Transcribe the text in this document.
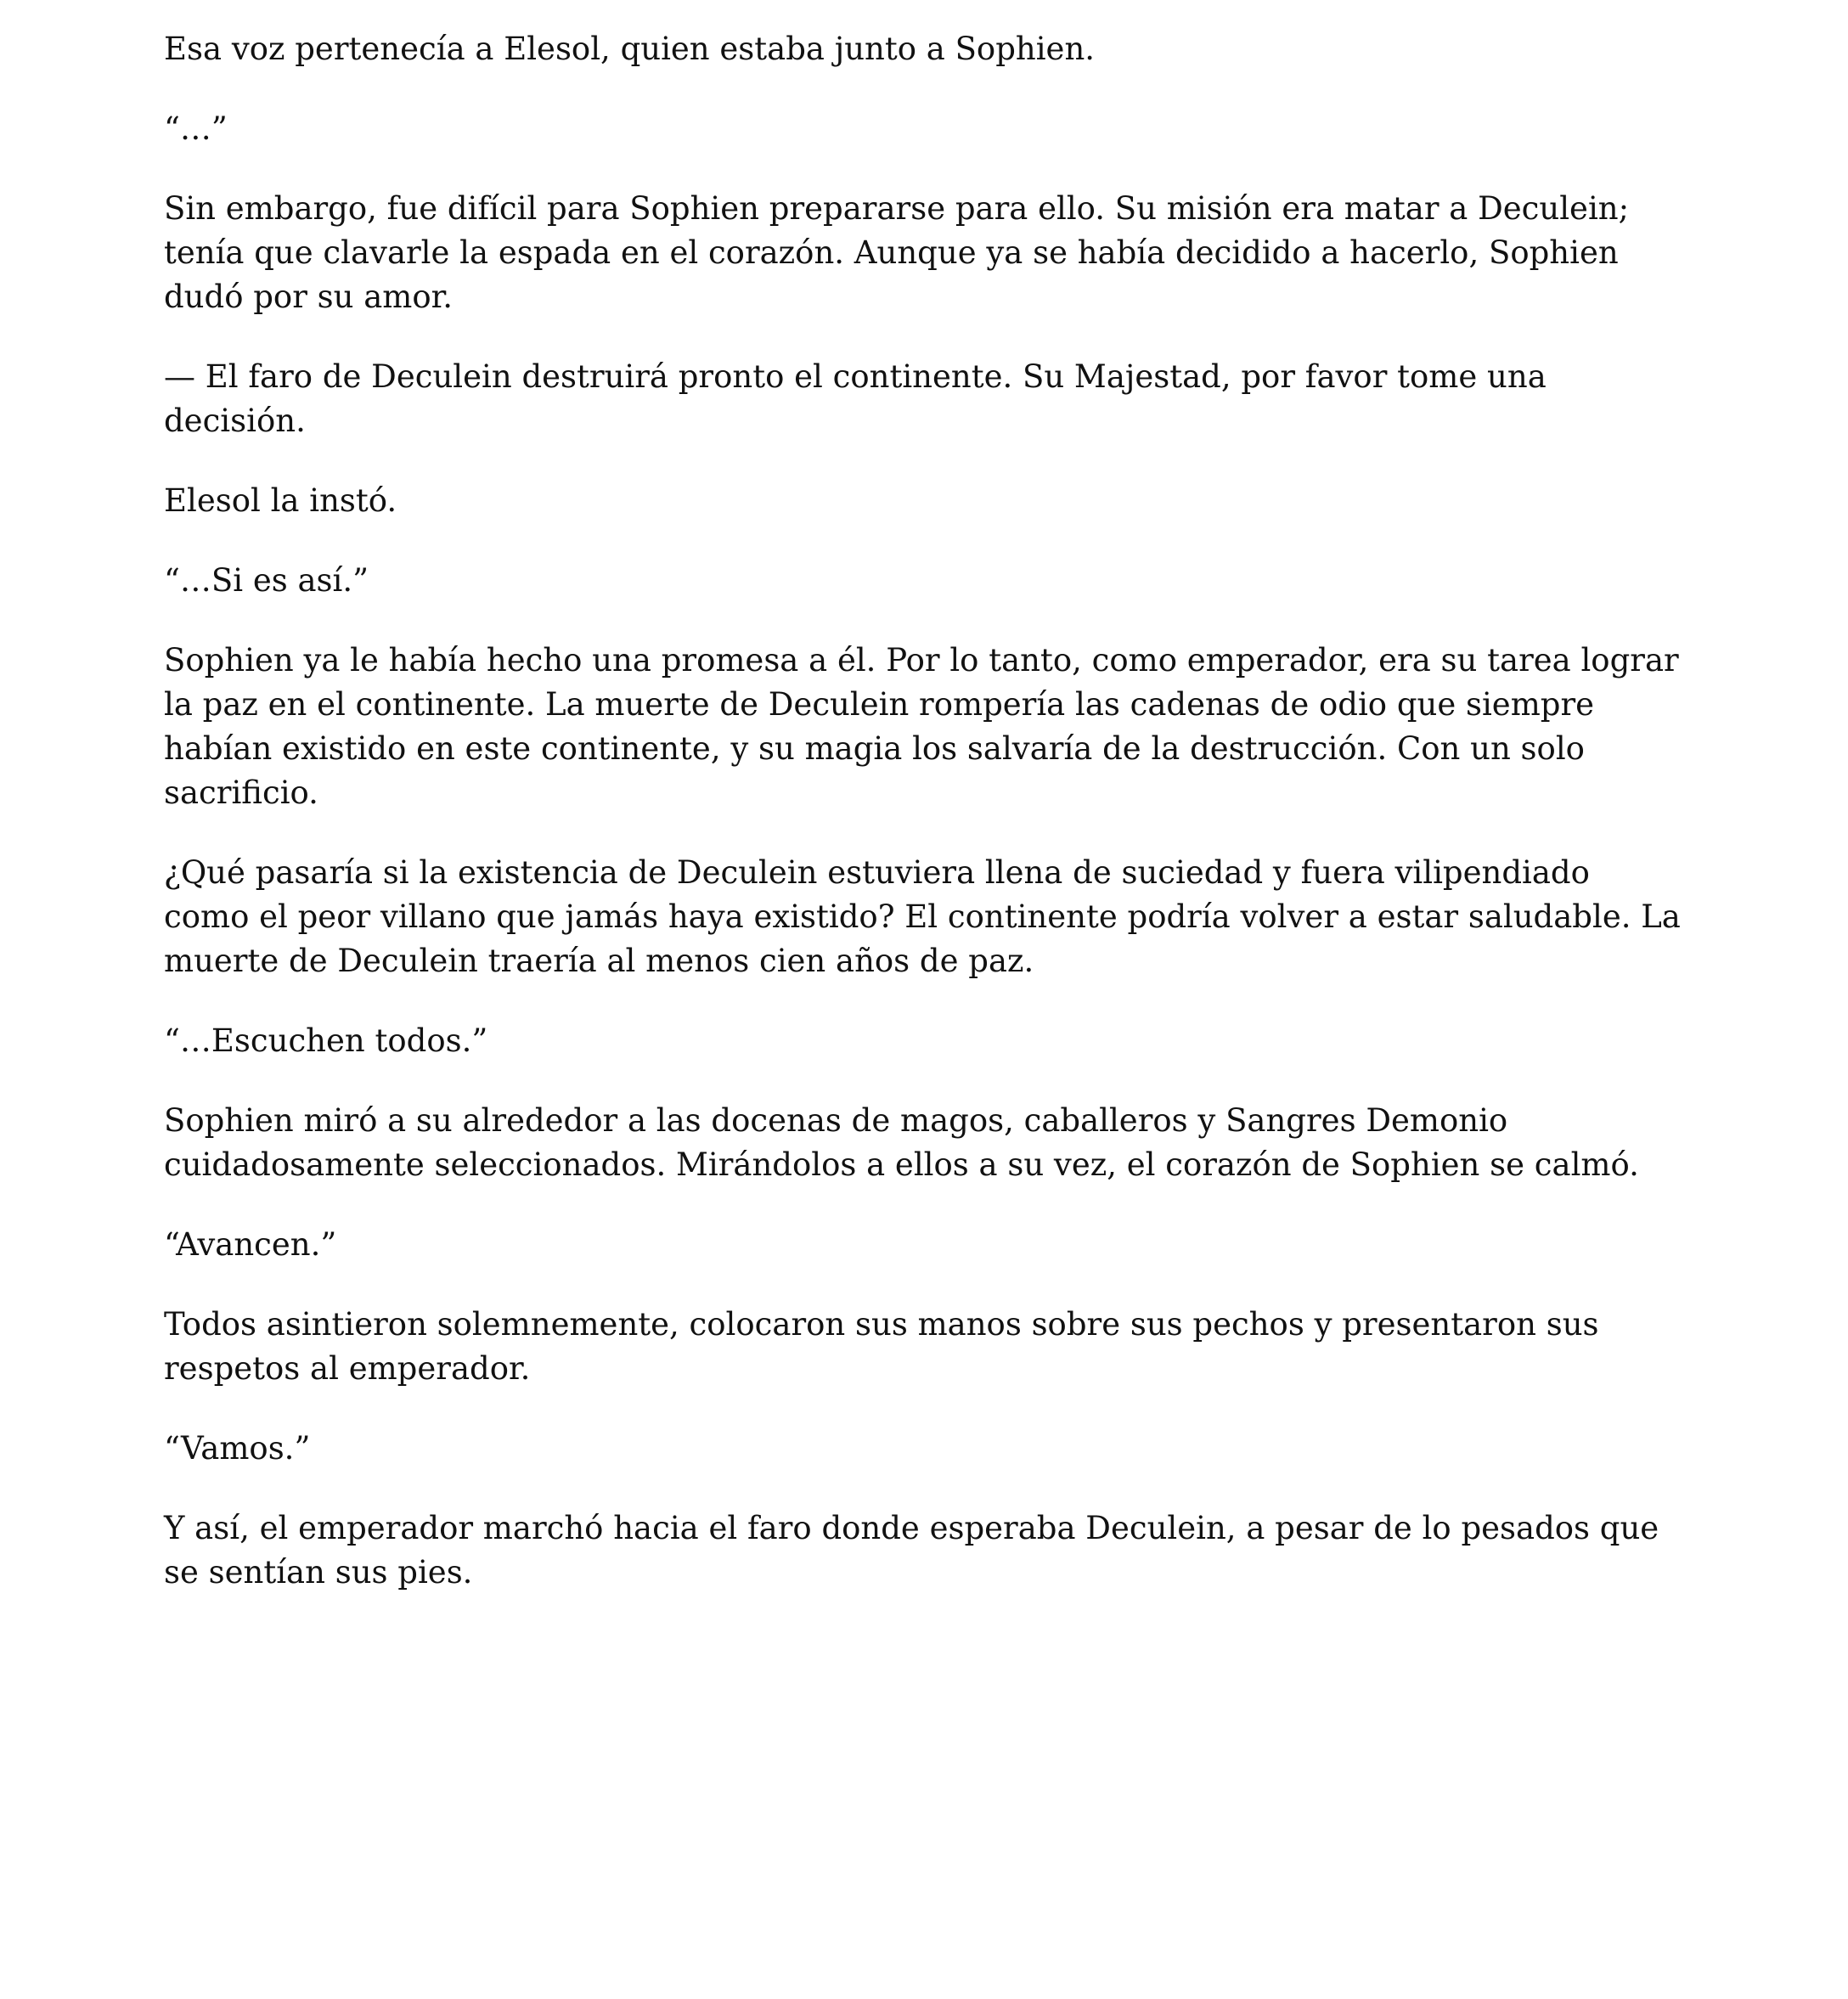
Esa voz pertenecía a Elesol, quien estaba junto a Sophien.

“…”

Sin embargo, fue difícil para Sophien prepararse para ello. Su misión era matar a Deculein; tenía que clavarle la espada en el corazón. Aunque ya se había decidido a hacerlo, Sophien dudó por su amor.

— El faro de Deculein destruirá pronto el continente. Su Majestad, por favor tome una decisión.

Elesol la instó.

“…Si es así.”

Sophien ya le había hecho una promesa a él. Por lo tanto, como emperador, era su tarea lograr la paz en el continente. La muerte de Deculein rompería las cadenas de odio que siempre habían existido en este continente, y su magia los salvaría de la destrucción. Con un solo sacrificio.

¿Qué pasaría si la existencia de Deculein estuviera llena de suciedad y fuera vilipendiado como el peor villano que jamás haya existido? El continente podría volver a estar saludable. La muerte de Deculein traería al menos cien años de paz.

“…Escuchen todos.”

Sophien miró a su alrededor a las docenas de magos, caballeros y Sangres Demonio cuidadosamente seleccionados. Mirándolos a ellos a su vez, el corazón de Sophien se calmó.

“Avancen.”

Todos asintieron solemnemente, colocaron sus manos sobre sus pechos y presentaron sus respetos al emperador.

“Vamos.”

Y así, el emperador marchó hacia el faro donde esperaba Deculein, a pesar de lo pesados que se sentían sus pies.
